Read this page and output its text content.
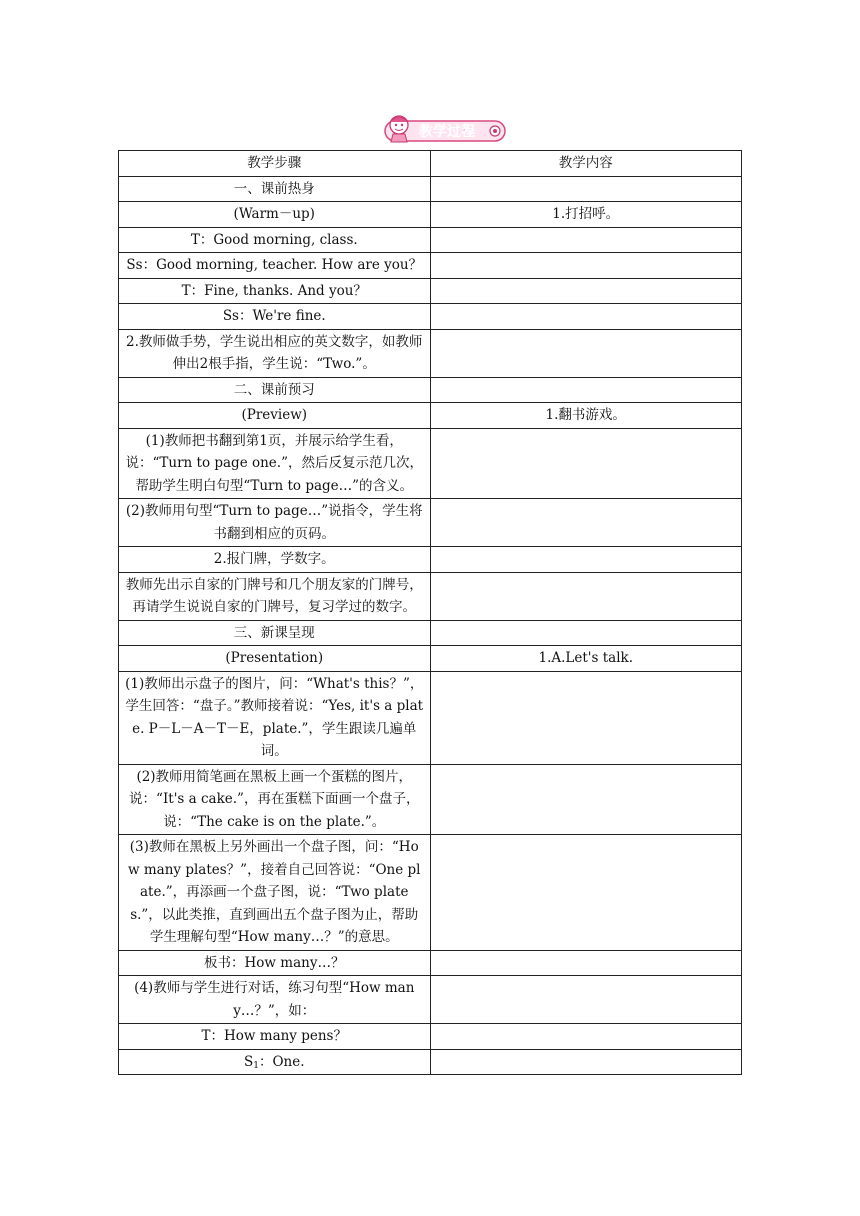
教学过程
教学步骤	教学内容
一、课前热身	
(Warm－up)	1.打招呼。
T：Good morning, class.	
Ss：Good morning, teacher. How are you？	
T：Fine, thanks. And you？	
Ss：We're fine.	
2.教师做手势，学生说出相应的英文数字，如教师伸出2根手指，学生说：“Two.”。	
二、课前预习	
(Preview)	1.翻书游戏。
(1)教师把书翻到第1页，并展示给学生看，说：“Turn to page one.”，然后反复示范几次，帮助学生明白句型“Turn to page…”的含义。	
(2)教师用句型“Turn to page…”说指令，学生将书翻到相应的页码。	
2.报门牌，学数字。	
教师先出示自家的门牌号和几个朋友家的门牌号，再请学生说说自家的门牌号，复习学过的数字。	
三、新课呈现	
(Presentation)	1.A.Let's talk.
(1)教师出示盘子的图片，问：“What's this？”，学生回答：“盘子。”教师接着说：“Yes, it's a plate. P－L－A－T－E，plate.”，学生跟读几遍单词。	
(2)教师用简笔画在黑板上画一个蛋糕的图片，说：“It's a cake.”，再在蛋糕下面画一个盘子，说：“The cake is on the plate.”。	
(3)教师在黑板上另外画出一个盘子图，问：“How many plates？”，接着自己回答说：“One plate.”，再添画一个盘子图，说：“Two plates.”，以此类推，直到画出五个盘子图为止，帮助学生理解句型“How many…？”的意思。	
板书：How many…？	
(4)教师与学生进行对话，练习句型“How many…？”，如：	
T：How many pens？	
$S_1$：One.	
